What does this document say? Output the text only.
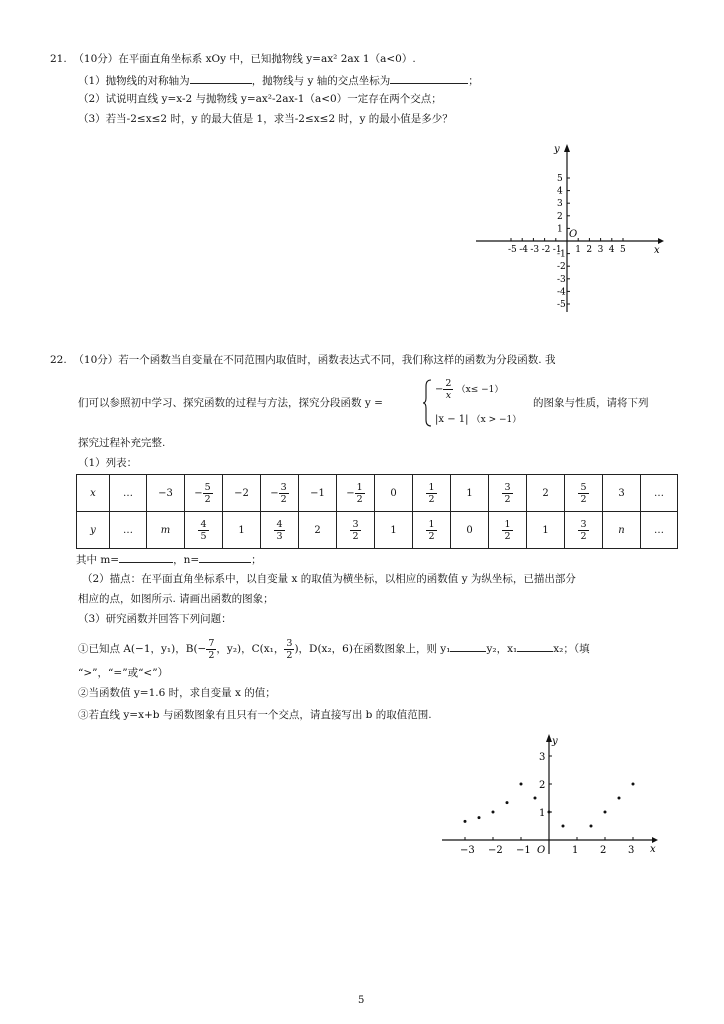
21. （10分）在平面直角坐标系 xOy 中，已知抛物线 y=ax² 2ax 1（a<0）.
（1）抛物线的对称轴为	，抛物线与 y 轴的交点坐标为	；
（2）试说明直线 y=x-2 与抛物线 y=ax²-2ax-1（a<0）一定存在两个交点；
（3）若当-2≤x≤2 时，y 的最大值是 1，求当-2≤x≤2 时，y 的最小值是多少？
-5 -4 -3 -2 -1 1 2 3 4 5
5
4
3
2
1
-1
-2
-3
-4
-5
x
y
O
22. （10分）若一个函数当自变量在不同范围内取值时，函数表达式不同，我们称这样的函数为分段函数. 我
们可以参照初中学习、探究函数的过程与方法，探究分段函数 y =
− $\frac{2}{x} (x\le -1)$
|x − 1| （x > −1）
的图象与性质，请将下列
探究过程补充完整.
（1）列表：
x	…	−3	− $\frac{5}{2}$	−2	− $\frac{3}{2}$	−1	− $\frac{1}{2}$	0	$\frac{1}{2}$	1	$\frac{3}{2}$	2	$\frac{5}{2}$	3	…
y	…	m	$\frac{4}{5}$	1	$\frac{4}{3}$	2	$\frac{3}{2}$	1	$\frac{1}{2}$	0	$\frac{1}{2}$	1	$\frac{3}{2}$	n	…
其中 m=	，n=	；
（2）描点：在平面直角坐标系中，以自变量 x 的取值为横坐标，以相应的函数值 y 为纵坐标，已描出部分
相应的点，如图所示. 请画出函数的图象；
（3）研究函数并回答下列问题：
①已知点 A(−1，y₁)，$B(- \frac{7}{2}$ ，y₂)，C(x₁， $\frac{3}{2}$ )，D(x₂，6)在函数图象上，则 y₁	y₂，x₁	x₂；（填
“>”，“=”或“<”）
②当函数值 y=1.6 时，求自变量 x 的值；
③若直线 y=x+b 与函数图象有且只有一个交点，请直接写出 b 的取值范围.
−3 −2 −1	1 2 3
3
2
1
x
y
O
5
